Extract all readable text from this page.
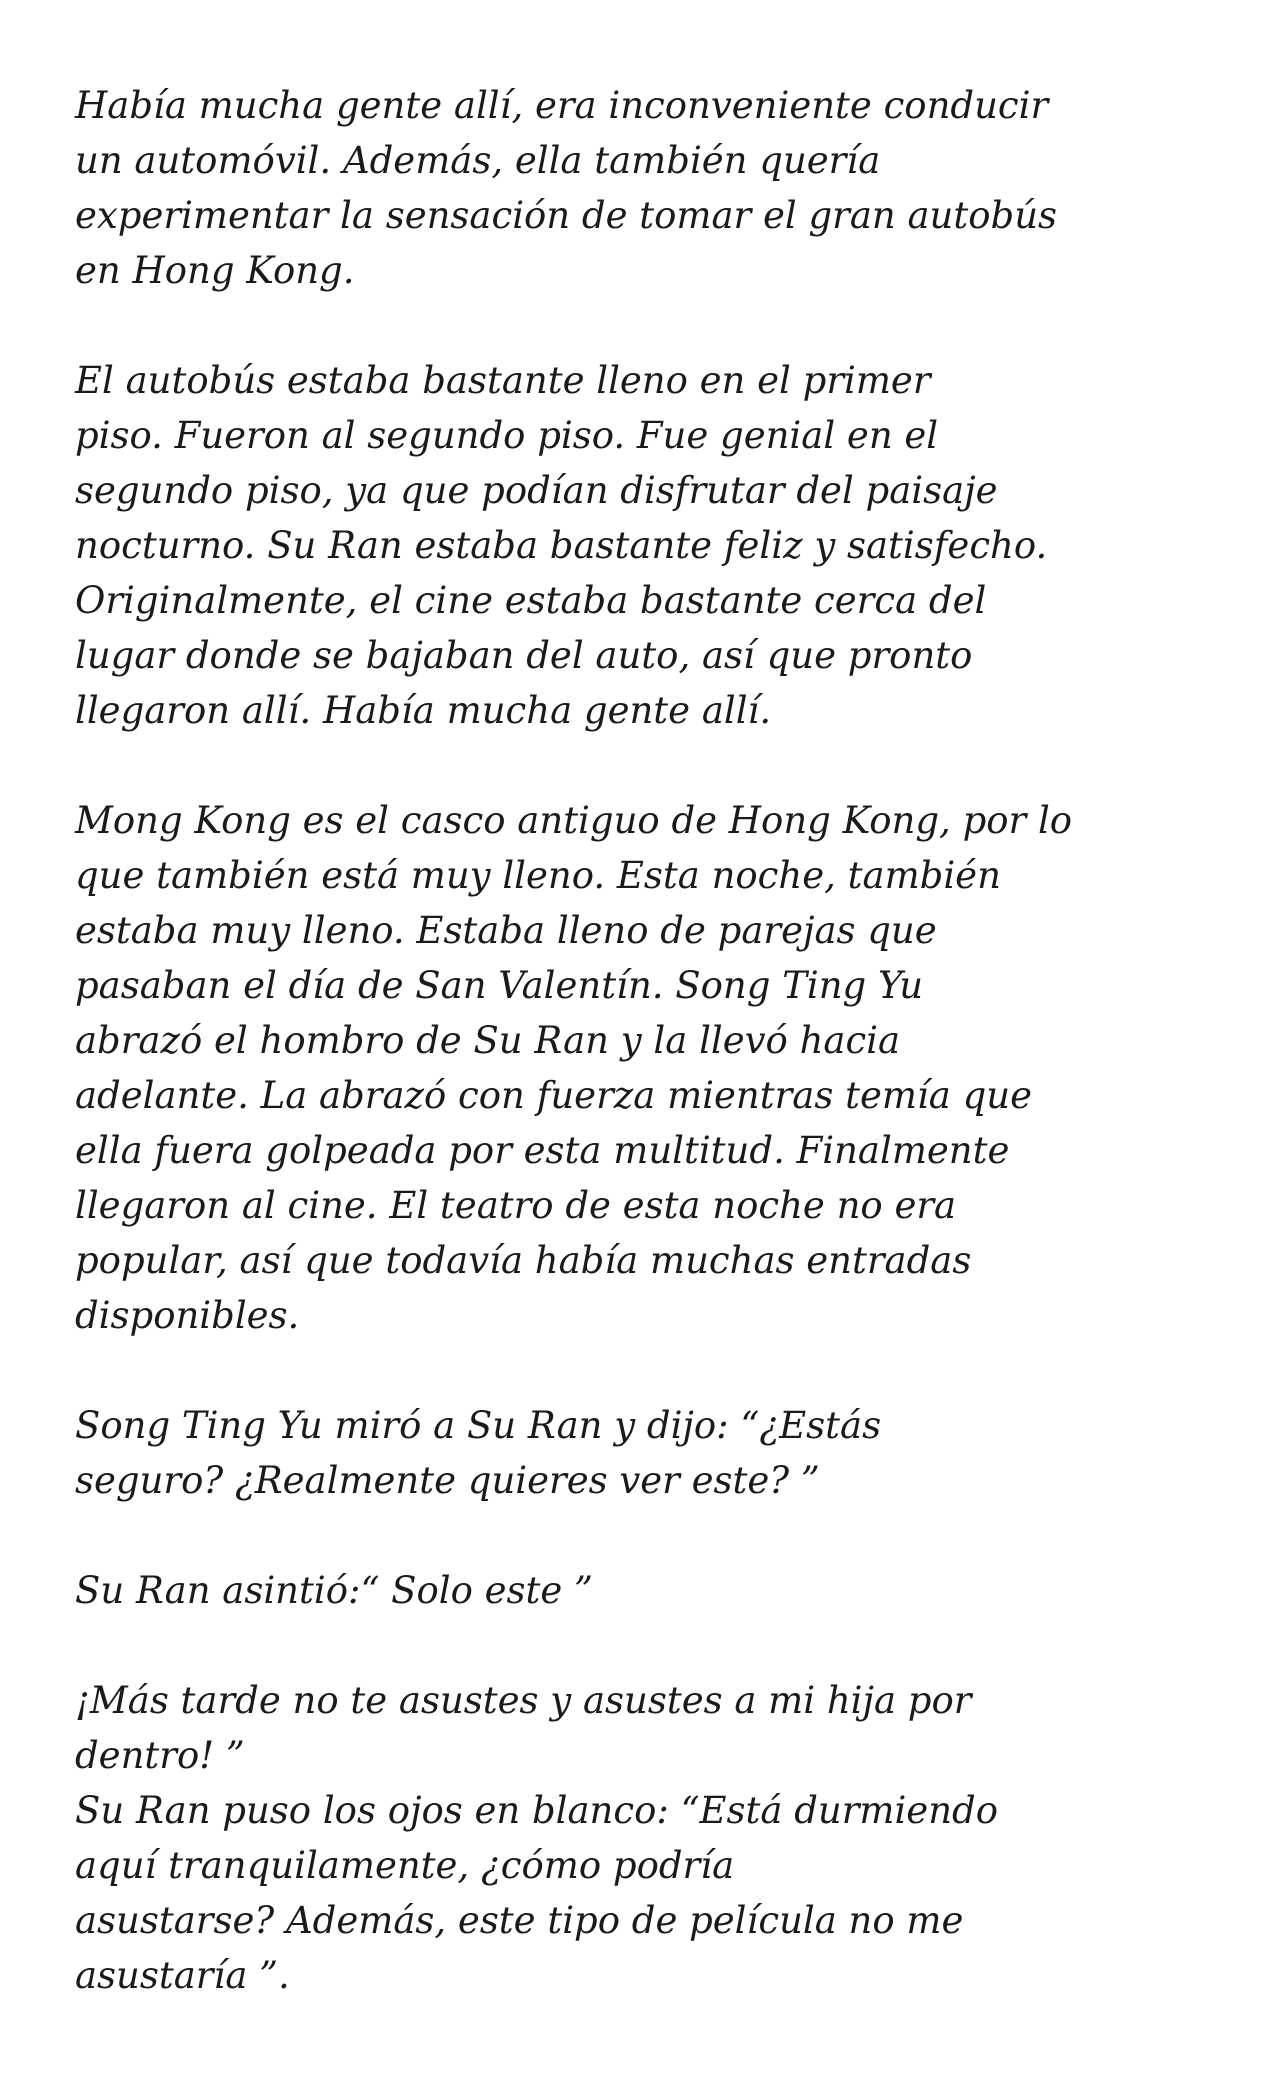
Había mucha gente allí, era inconveniente conducir
un automóvil. Además, ella también quería
experimentar la sensación de tomar el gran autobús
en Hong Kong.

El autobús estaba bastante lleno en el primer
piso. Fueron al segundo piso. Fue genial en el
segundo piso, ya que podían disfrutar del paisaje
nocturno. Su Ran estaba bastante feliz y satisfecho.
Originalmente, el cine estaba bastante cerca del
lugar donde se bajaban del auto, así que pronto
llegaron allí. Había mucha gente allí.

Mong Kong es el casco antiguo de Hong Kong, por lo
que también está muy lleno. Esta noche, también
estaba muy lleno. Estaba lleno de parejas que
pasaban el día de San Valentín. Song Ting Yu
abrazó el hombro de Su Ran y la llevó hacia
adelante. La abrazó con fuerza mientras temía que
ella fuera golpeada por esta multitud. Finalmente
llegaron al cine. El teatro de esta noche no era
popular, así que todavía había muchas entradas
disponibles.

Song Ting Yu miró a Su Ran y dijo: “¿Estás
seguro? ¿Realmente quieres ver este? ”

Su Ran asintió:“ Solo este ”

¡Más tarde no te asustes y asustes a mi hija por
dentro! ”
Su Ran puso los ojos en blanco: “Está durmiendo
aquí tranquilamente, ¿cómo podría
asustarse? Además, este tipo de película no me
asustaría ”.
